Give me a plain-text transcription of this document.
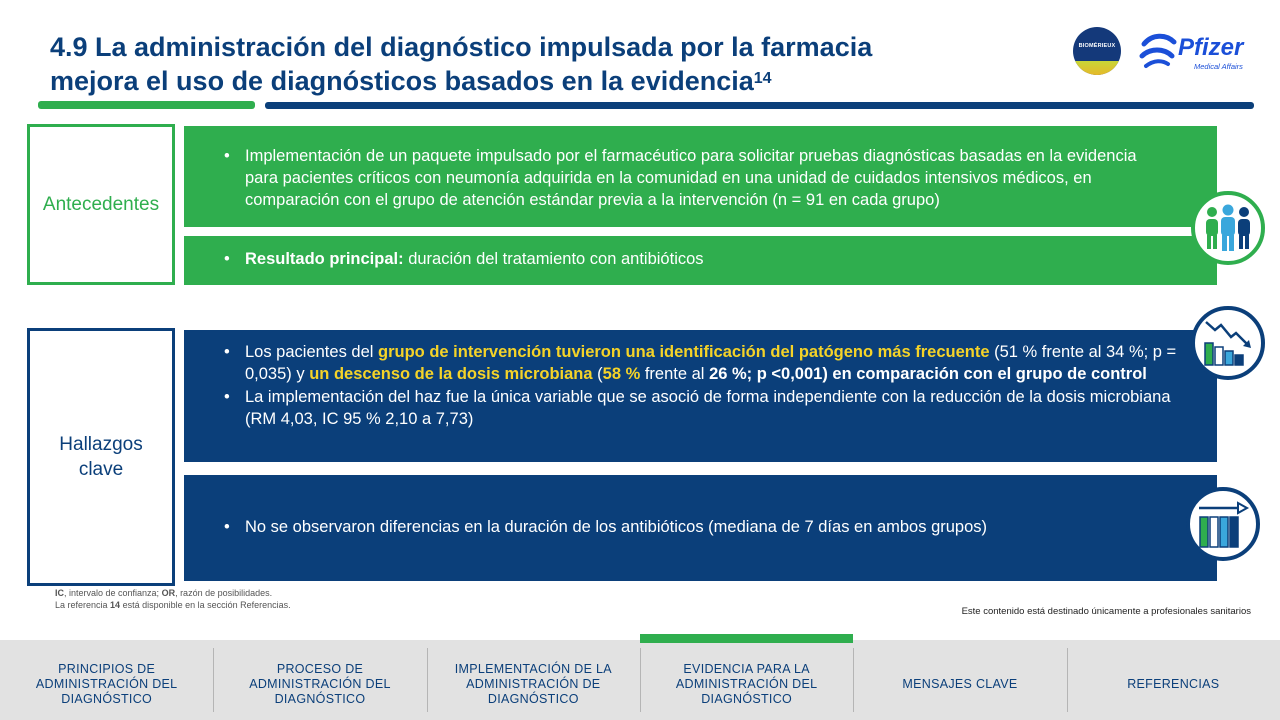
4.9 La administración del diagnóstico impulsada por la farmacia
mejora el uso de diagnósticos basados en la evidencia$^{14}$
BIOMÉRIEUX	Pfizer
Medical Affairs
Antecedentes

• Implementación de un paquete impulsado por el farmacéutico para solicitar pruebas diagnósticas basadas en la evidencia para pacientes críticos con neumonía adquirida en la comunidad en una unidad de cuidados intensivos médicos, en comparación con el grupo de atención estándar previa a la intervención (n = 91 en cada grupo)

• Resultado principal: duración del tratamiento con antibióticos

Hallazgos
clave

• Los pacientes del grupo de intervención tuvieron una identificación del patógeno más frecuente (51 % frente al 34 %; p = 0,035) y un descenso de la dosis microbiana (58 % frente al 26 %; p <0,001) en comparación con el grupo de control

• La implementación del haz fue la única variable que se asoció de forma independiente con la reducción de la dosis microbiana (RM 4,03, IC 95 % 2,10 a 7,73)

• No se observaron diferencias en la duración de los antibióticos (mediana de 7 días en ambos grupos)

IC, intervalo de confianza; OR, razón de posibilidades.
La referencia 14 está disponible en la sección Referencias.
Este contenido está destinado únicamente a profesionales sanitarios
PRINCIPIOS DE ADMINISTRACIÓN DEL DIAGNÓSTICO
PROCESO DE ADMINISTRACIÓN DEL DIAGNÓSTICO
IMPLEMENTACIÓN DE LA ADMINISTRACIÓN DE DIAGNÓSTICO
EVIDENCIA PARA LA ADMINISTRACIÓN DEL DIAGNÓSTICO
MENSAJES CLAVE	REFERENCIAS
